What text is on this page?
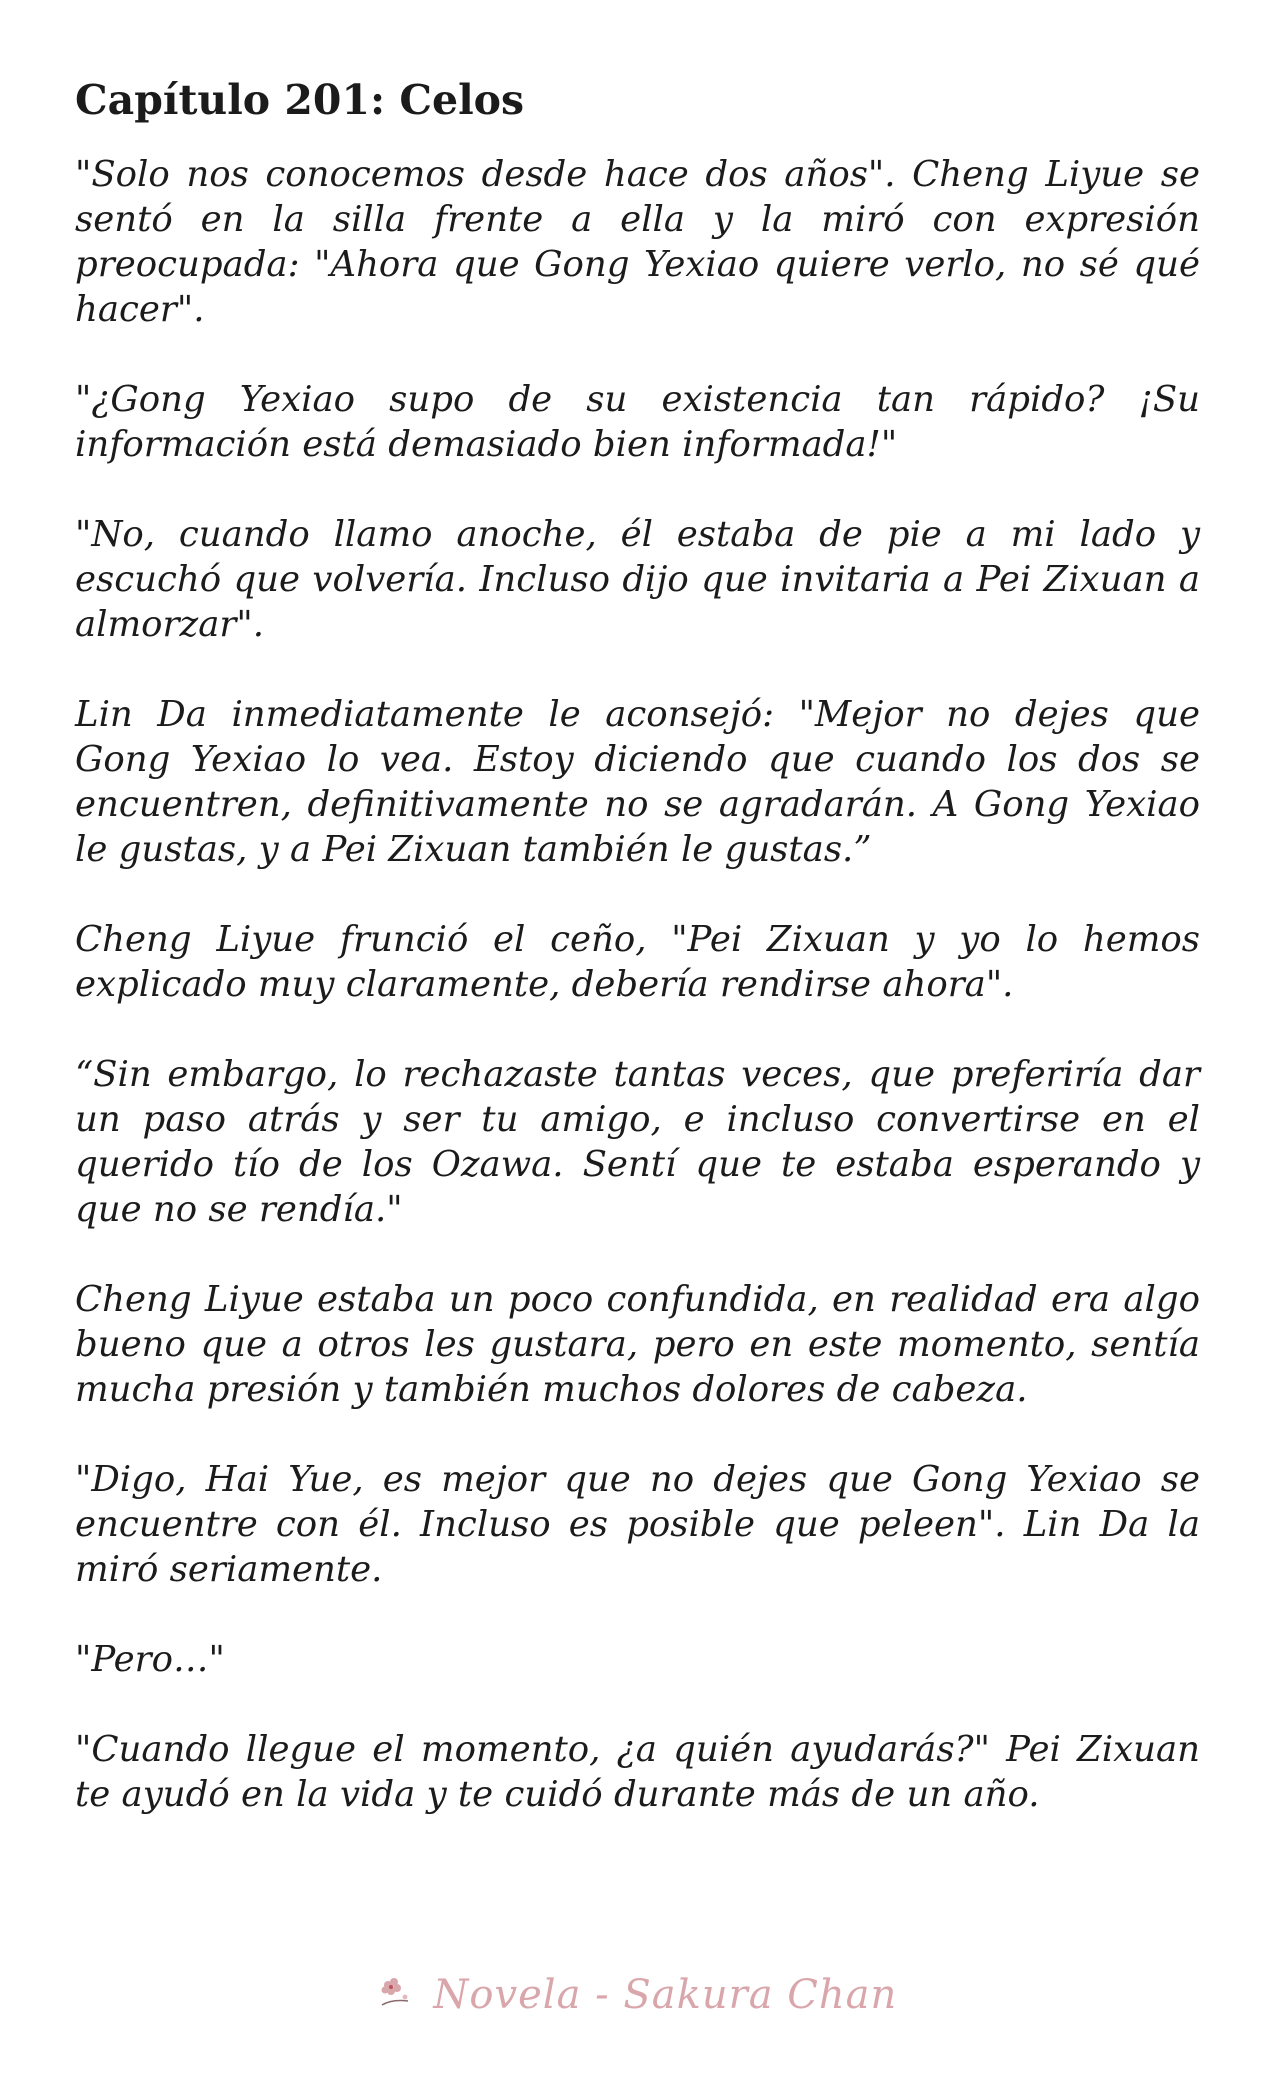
Capítulo 201: Celos

"Solo nos conocemos desde hace dos años". Cheng Liyue se sentó en la silla frente a ella y la miró con expresión preocupada: "Ahora que Gong Yexiao quiere verlo, no sé qué hacer".

"¿Gong Yexiao supo de su existencia tan rápido? ¡Su información está demasiado bien informada!"

"No, cuando llamo anoche, él estaba de pie a mi lado y escuchó que volvería. Incluso dijo que invitaria a Pei Zixuan a almorzar".

Lin Da inmediatamente le aconsejó: "Mejor no dejes que Gong Yexiao lo vea. Estoy diciendo que cuando los dos se encuentren, definitivamente no se agradarán. A Gong Yexiao le gustas, y a Pei Zixuan también le gustas.”

Cheng Liyue frunció el ceño, "Pei Zixuan y yo lo hemos explicado muy claramente, debería rendirse ahora".

“Sin embargo, lo rechazaste tantas veces, que preferiría dar un paso atrás y ser tu amigo, e incluso convertirse en el querido tío de los Ozawa. Sentí que te estaba esperando y que no se rendía."

Cheng Liyue estaba un poco confundida, en realidad era algo bueno que a otros les gustara, pero en este momento, sentía mucha presión y también muchos dolores de cabeza.

"Digo, Hai Yue, es mejor que no dejes que Gong Yexiao se encuentre con él. Incluso es posible que peleen". Lin Da la miró seriamente.

"Pero…"

"Cuando llegue el momento, ¿a quién ayudarás?" Pei Zixuan te ayudó en la vida y te cuidó durante más de un año.

Novela - Sakura Chan
